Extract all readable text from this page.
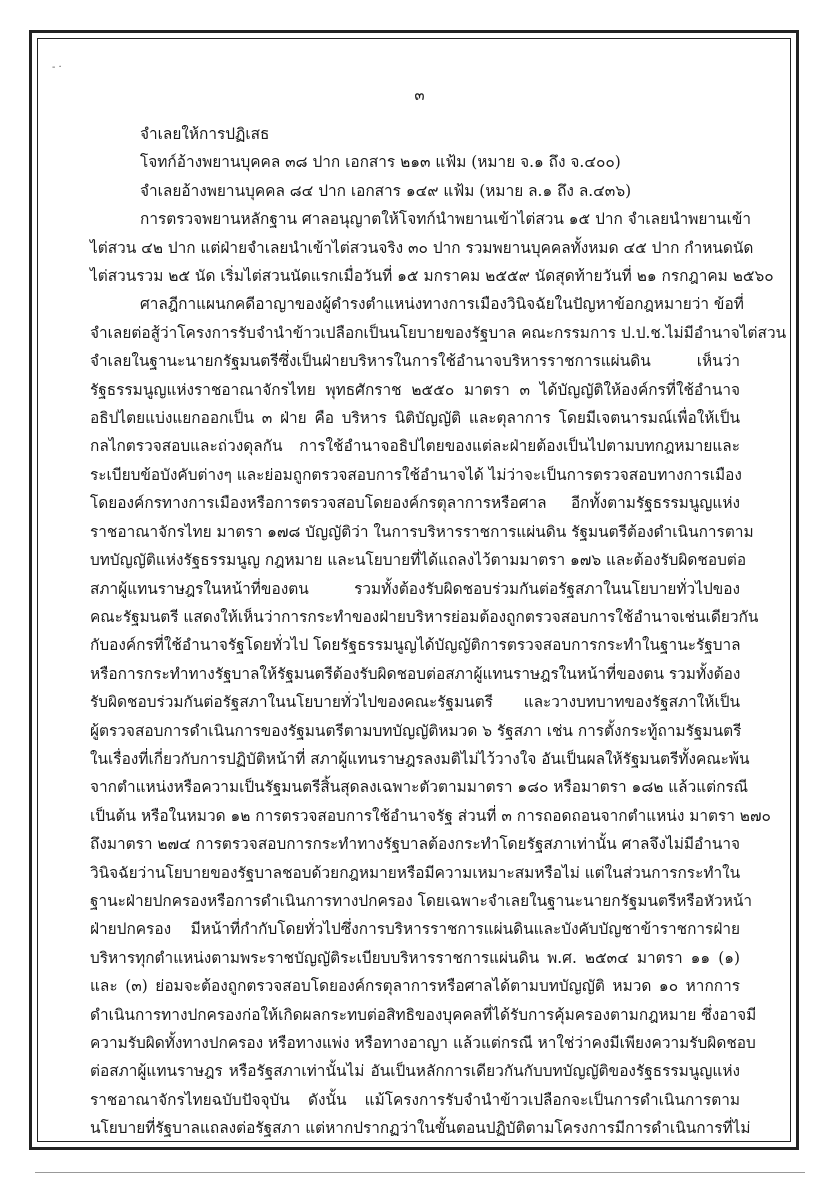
- ·
๓
จำเลยให้การปฏิเสธ
โจทก์อ้างพยานบุคคล ๓๘ ปาก เอกสาร ๒๑๓ แฟ้ม (หมาย จ.๑ ถึง จ.๔๐๐)
จำเลยอ้างพยานบุคคล ๘๔ ปาก เอกสาร ๑๔๙ แฟ้ม (หมาย ล.๑ ถึง ล.๔๓๖)
การตรวจพยานหลักฐาน ศาลอนุญาตให้โจทก์นำพยานเข้าไต่สวน ๑๕ ปาก จำเลยนำพยานเข้า
ไต่สวน ๔๒ ปาก แต่ฝ่ายจำเลยนำเข้าไต่สวนจริง ๓๐ ปาก รวมพยานบุคคลทั้งหมด ๔๕ ปาก กำหนดนัด
ไต่สวนรวม ๒๕ นัด เริ่มไต่สวนนัดแรกเมื่อวันที่ ๑๕ มกราคม ๒๕๕๙ นัดสุดท้ายวันที่ ๒๑ กรกฎาคม ๒๕๖๐
ศาลฎีกาแผนกคดีอาญาของผู้ดำรงตำแหน่งทางการเมืองวินิจฉัยในปัญหาข้อกฎหมายว่า ข้อที่
จำเลยต่อสู้ว่าโครงการรับจำนำข้าวเปลือกเป็นนโยบายของรัฐบาล คณะกรรมการ ป.ป.ช.ไม่มีอำนาจไต่สวน
จำเลยในฐานะนายกรัฐมนตรีซึ่งเป็นฝ่ายบริหารในการใช้อำนาจบริหารราชการแผ่นดิน เห็นว่า
รัฐธรรมนูญแห่งราชอาณาจักรไทย พุทธศักราช ๒๕๕๐ มาตรา ๓ ได้บัญญัติให้องค์กรที่ใช้อำนาจ
อธิปไตยแบ่งแยกออกเป็น ๓ ฝ่าย คือ บริหาร นิติบัญญัติ และตุลาการ โดยมีเจตนารมณ์เพื่อให้เป็น
กลไกตรวจสอบและถ่วงดุลกัน การใช้อำนาจอธิปไตยของแต่ละฝ่ายต้องเป็นไปตามบทกฎหมายและ
ระเบียบข้อบังคับต่างๆ และย่อมถูกตรวจสอบการใช้อำนาจได้ ไม่ว่าจะเป็นการตรวจสอบทางการเมือง
โดยองค์กรทางการเมืองหรือการตรวจสอบโดยองค์กรตุลาการหรือศาล อีกทั้งตามรัฐธรรมนูญแห่ง
ราชอาณาจักรไทย มาตรา ๑๗๘ บัญญัติว่า ในการบริหารราชการแผ่นดิน รัฐมนตรีต้องดำเนินการตาม
บทบัญญัติแห่งรัฐธรรมนูญ กฎหมาย และนโยบายที่ได้แถลงไว้ตามมาตรา ๑๗๖ และต้องรับผิดชอบต่อ
สภาผู้แทนราษฎรในหน้าที่ของตน รวมทั้งต้องรับผิดชอบร่วมกันต่อรัฐสภาในนโยบายทั่วไปของ
คณะรัฐมนตรี แสดงให้เห็นว่าการกระทำของฝ่ายบริหารย่อมต้องถูกตรวจสอบการใช้อำนาจเช่นเดียวกัน
กับองค์กรที่ใช้อำนาจรัฐโดยทั่วไป โดยรัฐธรรมนูญได้บัญญัติการตรวจสอบการกระทำในฐานะรัฐบาล
หรือการกระทำทางรัฐบาลให้รัฐมนตรีต้องรับผิดชอบต่อสภาผู้แทนราษฎรในหน้าที่ของตน รวมทั้งต้อง
รับผิดชอบร่วมกันต่อรัฐสภาในนโยบายทั่วไปของคณะรัฐมนตรี และวางบทบาทของรัฐสภาให้เป็น
ผู้ตรวจสอบการดำเนินการของรัฐมนตรีตามบทบัญญัติหมวด ๖ รัฐสภา เช่น การตั้งกระทู้ถามรัฐมนตรี
ในเรื่องที่เกี่ยวกับการปฏิบัติหน้าที่ สภาผู้แทนราษฎรลงมติไม่ไว้วางใจ อันเป็นผลให้รัฐมนตรีทั้งคณะพ้น
จากตำแหน่งหรือความเป็นรัฐมนตรีสิ้นสุดลงเฉพาะตัวตามมาตรา ๑๘๐ หรือมาตรา ๑๘๒ แล้วแต่กรณี
เป็นต้น หรือในหมวด ๑๒ การตรวจสอบการใช้อำนาจรัฐ ส่วนที่ ๓ การถอดถอนจากตำแหน่ง มาตรา ๒๗๐
ถึงมาตรา ๒๗๔ การตรวจสอบการกระทำทางรัฐบาลต้องกระทำโดยรัฐสภาเท่านั้น ศาลจึงไม่มีอำนาจ
วินิจฉัยว่านโยบายของรัฐบาลชอบด้วยกฎหมายหรือมีความเหมาะสมหรือไม่ แต่ในส่วนการกระทำใน
ฐานะฝ่ายปกครองหรือการดำเนินการทางปกครอง โดยเฉพาะจำเลยในฐานะนายกรัฐมนตรีหรือหัวหน้า
ฝ่ายปกครอง มีหน้าที่กำกับโดยทั่วไปซึ่งการบริหารราชการแผ่นดินและบังคับบัญชาข้าราชการฝ่าย
บริหารทุกตำแหน่งตามพระราชบัญญัติระเบียบบริหารราชการแผ่นดิน พ.ศ. ๒๕๓๔ มาตรา ๑๑ (๑)
และ (๓) ย่อมจะต้องถูกตรวจสอบโดยองค์กรตุลาการหรือศาลได้ตามบทบัญญัติ หมวด ๑๐ หากการ
ดำเนินการทางปกครองก่อให้เกิดผลกระทบต่อสิทธิของบุคคลที่ได้รับการคุ้มครองตามกฎหมาย ซึ่งอาจมี
ความรับผิดทั้งทางปกครอง หรือทางแพ่ง หรือทางอาญา แล้วแต่กรณี หาใช่ว่าคงมีเพียงความรับผิดชอบ
ต่อสภาผู้แทนราษฎร หรือรัฐสภาเท่านั้นไม่ อันเป็นหลักการเดียวกันกับบทบัญญัติของรัฐธรรมนูญแห่ง
ราชอาณาจักรไทยฉบับปัจจุบัน ดังนั้น แม้โครงการรับจำนำข้าวเปลือกจะเป็นการดำเนินการตาม
นโยบายที่รัฐบาลแถลงต่อรัฐสภา แต่หากปรากฏว่าในขั้นตอนปฏิบัติตามโครงการมีการดำเนินการที่ไม่
